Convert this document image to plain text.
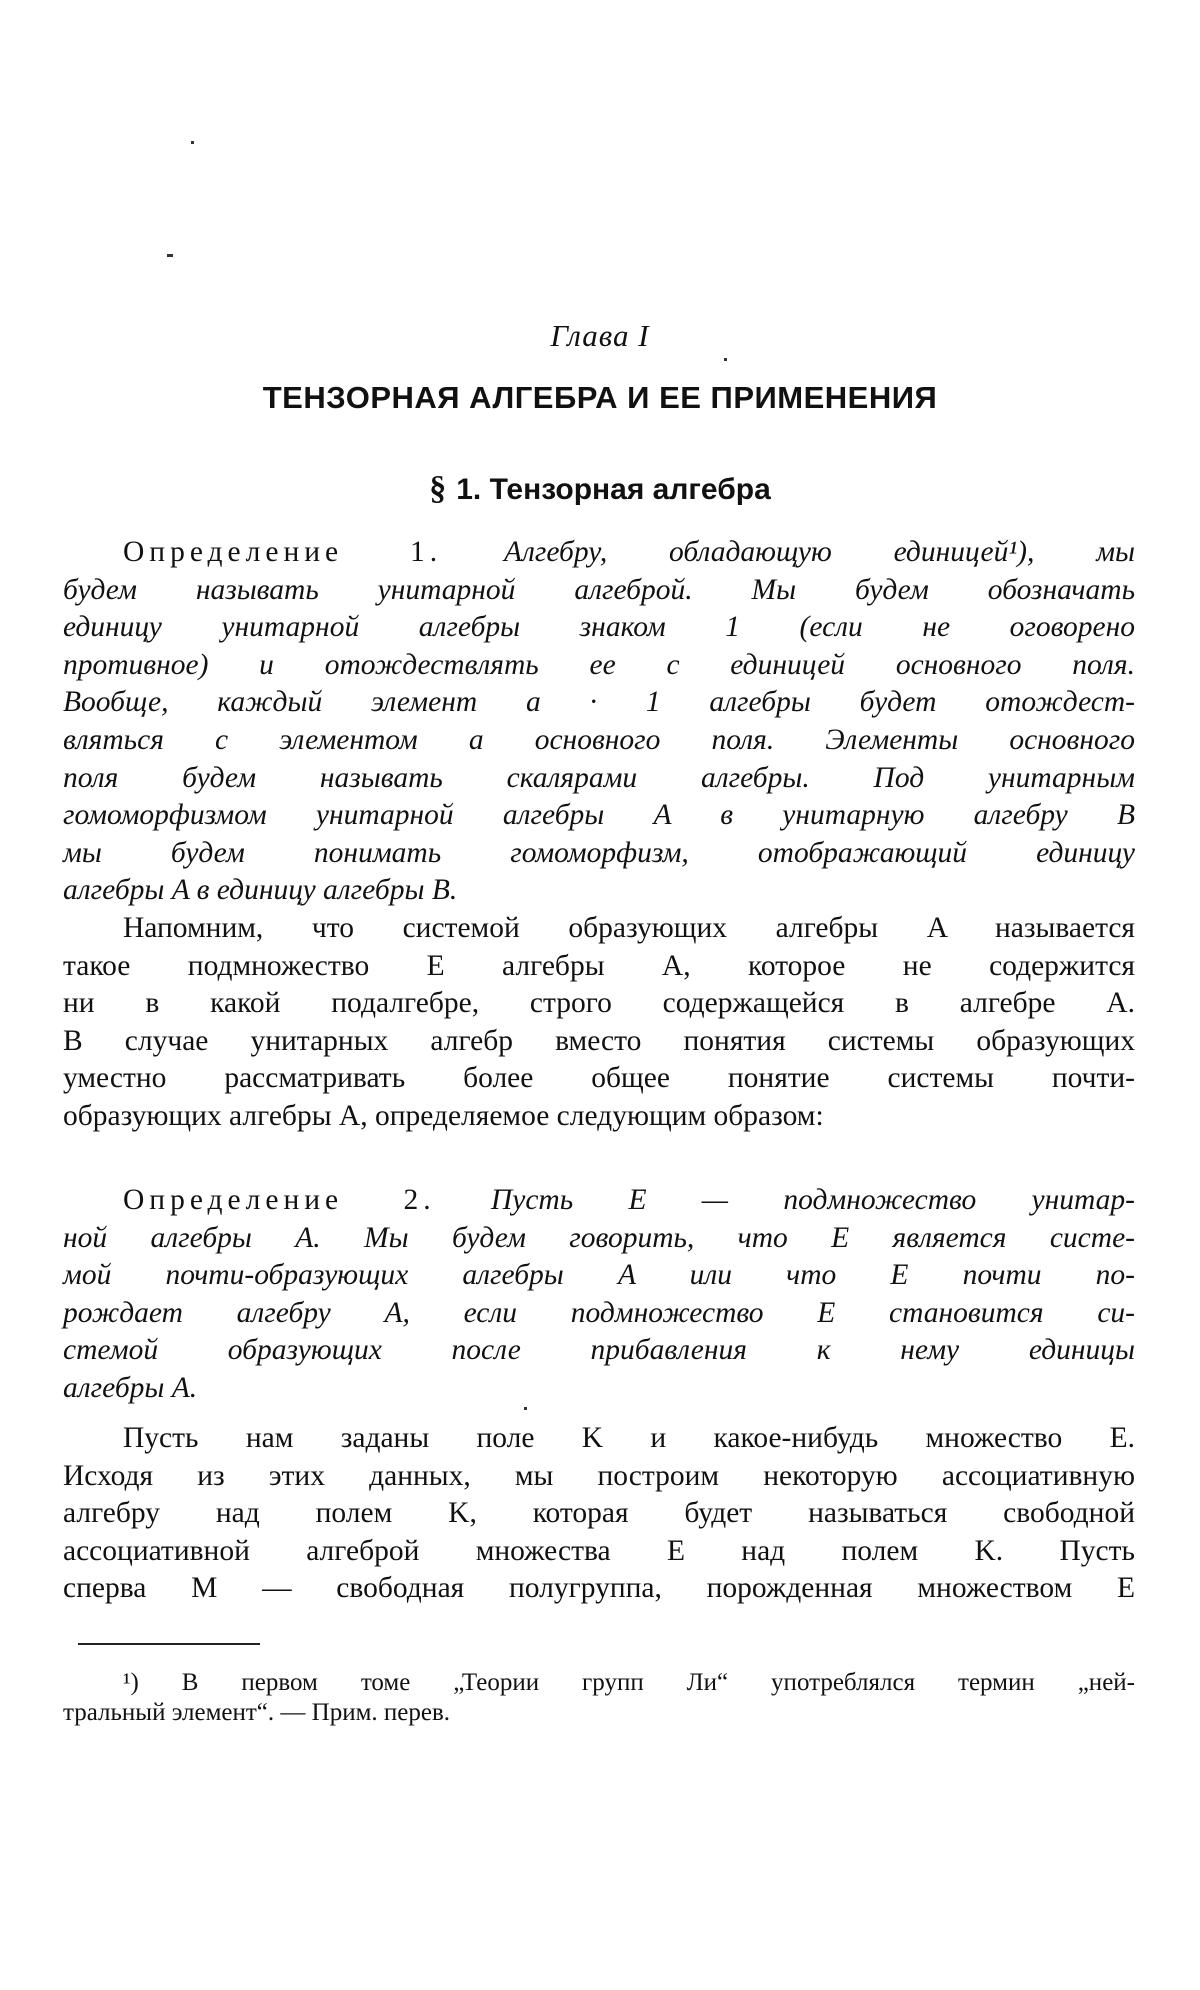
Глава I
ТЕНЗОРНАЯ АЛГЕБРА И ЕЕ ПРИМЕНЕНИЯ
§ 1. Тензорная алгебра
Определение 1. Алгебру, обладающую единицей¹), мы
будем называть унитарной алгеброй. Мы будем обозначать
единицу унитарной алгебры знаком 1 (если не оговорено
противное) и отождествлять ее с единицей основного поля.
Вообще, каждый элемент a · 1 алгебры будет отождест-
вляться с элементом a основного поля. Элементы основного
поля будем называть скалярами алгебры. Под унитарным
гомоморфизмом унитарной алгебры A в унитарную алгебру B
мы будем понимать гомоморфизм, отображающий единицу
алгебры A в единицу алгебры B.
Напомним, что системой образующих алгебры A называется
такое подмножество E алгебры A, которое не содержится
ни в какой подалгебре, строго содержащейся в алгебре A.
В случае унитарных алгебр вместо понятия системы образующих
уместно рассматривать более общее понятие системы почти-
образующих алгебры A, определяемое следующим образом:
Определение 2. Пусть E — подмножество унитар-
ной алгебры A. Мы будем говорить, что E является систе-
мой почти-образующих алгебры A или что E почти по-
рождает алгебру A, если подмножество E становится си-
стемой образующих после прибавления к нему единицы
алгебры A.
Пусть нам заданы поле K и какое-нибудь множество E.
Исходя из этих данных, мы построим некоторую ассоциативную
алгебру над полем K, которая будет называться свободной
ассоциативной алгеброй множества E над полем K. Пусть
сперва M — свободная полугруппа, порожденная множеством E
¹) В первом томе „Теории групп Ли“ употреблялся термин „ней-
тральный элемент“. — Прим. перев.
